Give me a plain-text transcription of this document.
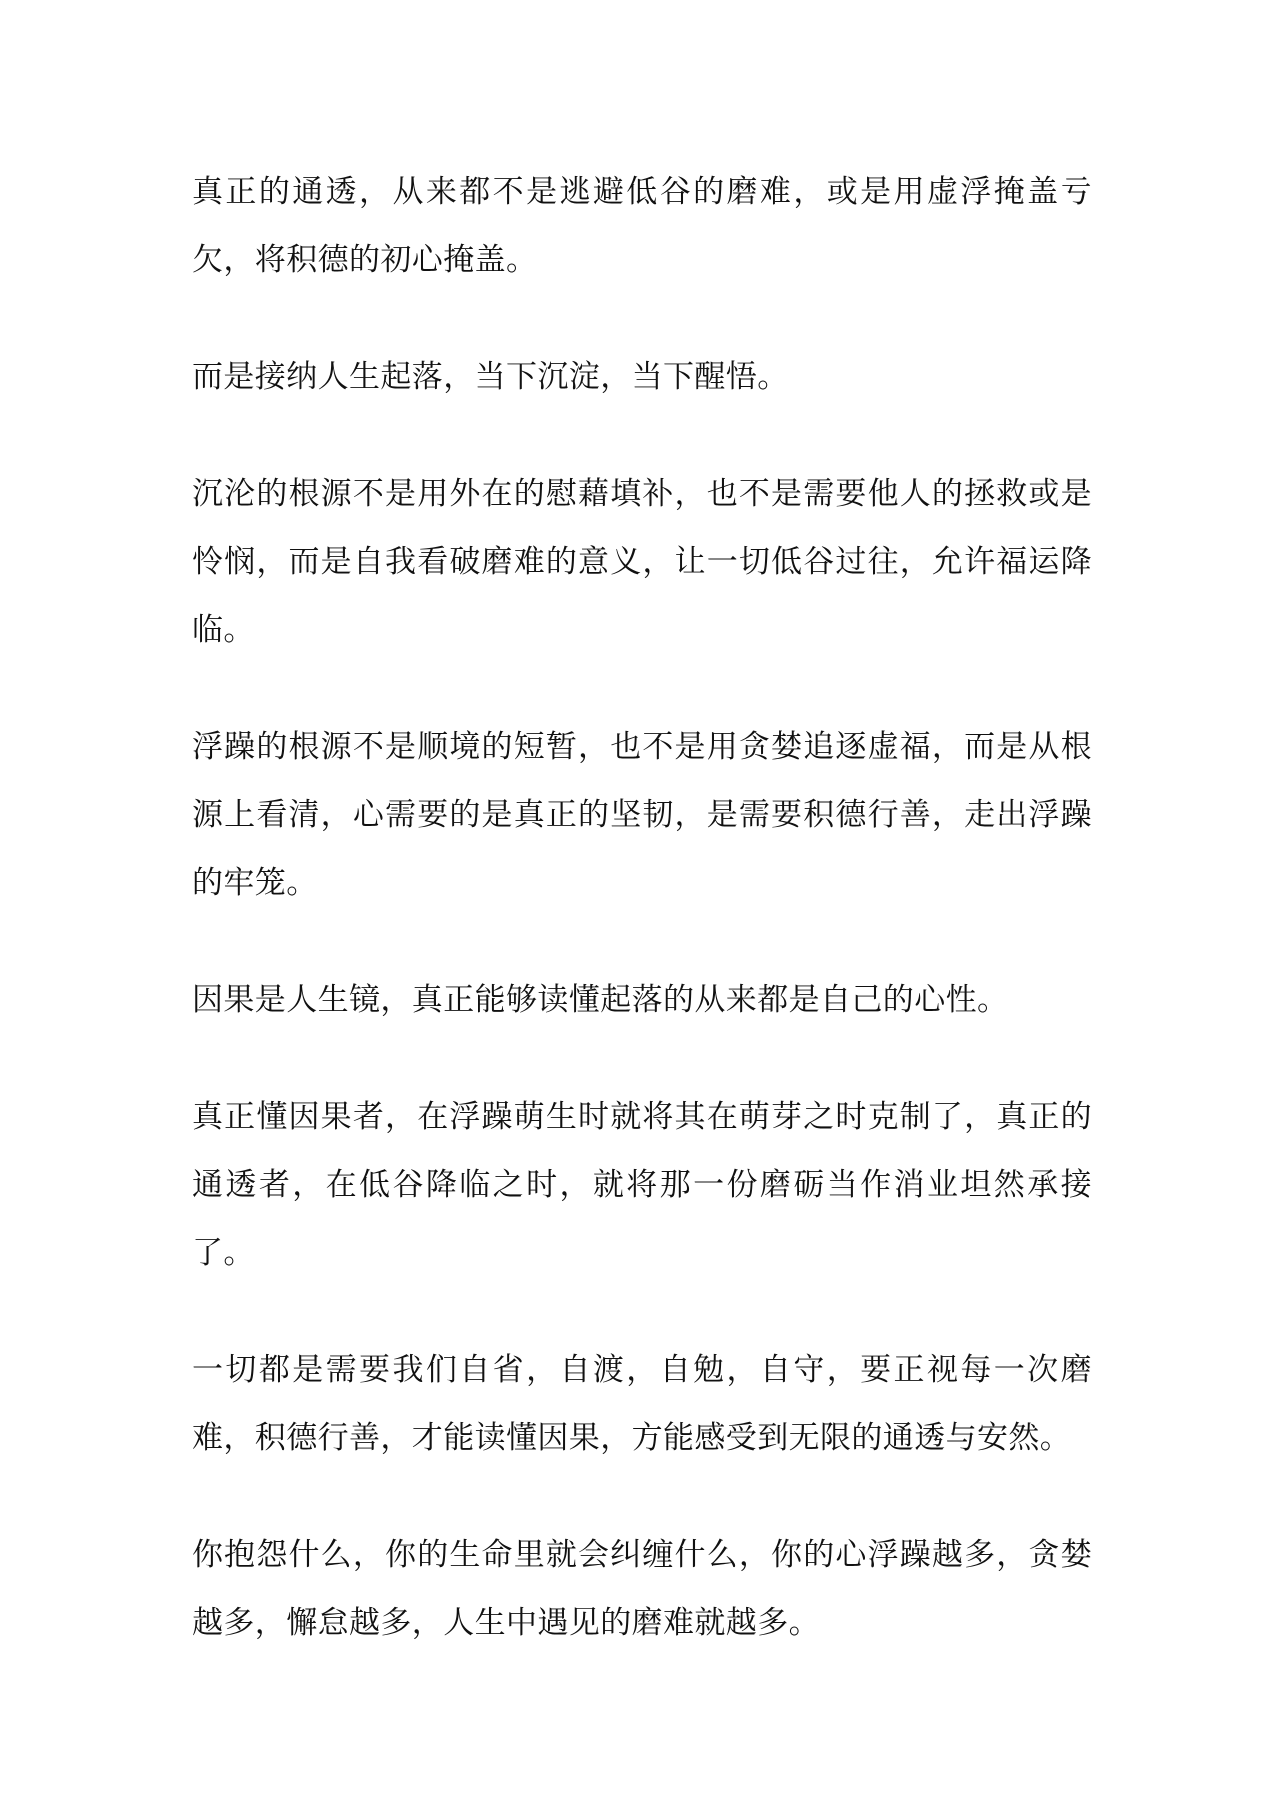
真正的通透，从来都不是逃避低谷的磨难，或是用虚浮掩盖亏欠，将积德的初心掩盖。

而是接纳人生起落，当下沉淀，当下醒悟。

沉沦的根源不是用外在的慰藉填补，也不是需要他人的拯救或是怜悯，而是自我看破磨难的意义，让一切低谷过往，允许福运降临。

浮躁的根源不是顺境的短暂，也不是用贪婪追逐虚福，而是从根源上看清，心需要的是真正的坚韧，是需要积德行善，走出浮躁的牢笼。

因果是人生镜，真正能够读懂起落的从来都是自己的心性。

真正懂因果者，在浮躁萌生时就将其在萌芽之时克制了，真正的通透者，在低谷降临之时，就将那一份磨砺当作消业坦然承接了。

一切都是需要我们自省，自渡，自勉，自守，要正视每一次磨难，积德行善，才能读懂因果，方能感受到无限的通透与安然。

你抱怨什么，你的生命里就会纠缠什么，你的心浮躁越多，贪婪越多，懈怠越多，人生中遇见的磨难就越多。
